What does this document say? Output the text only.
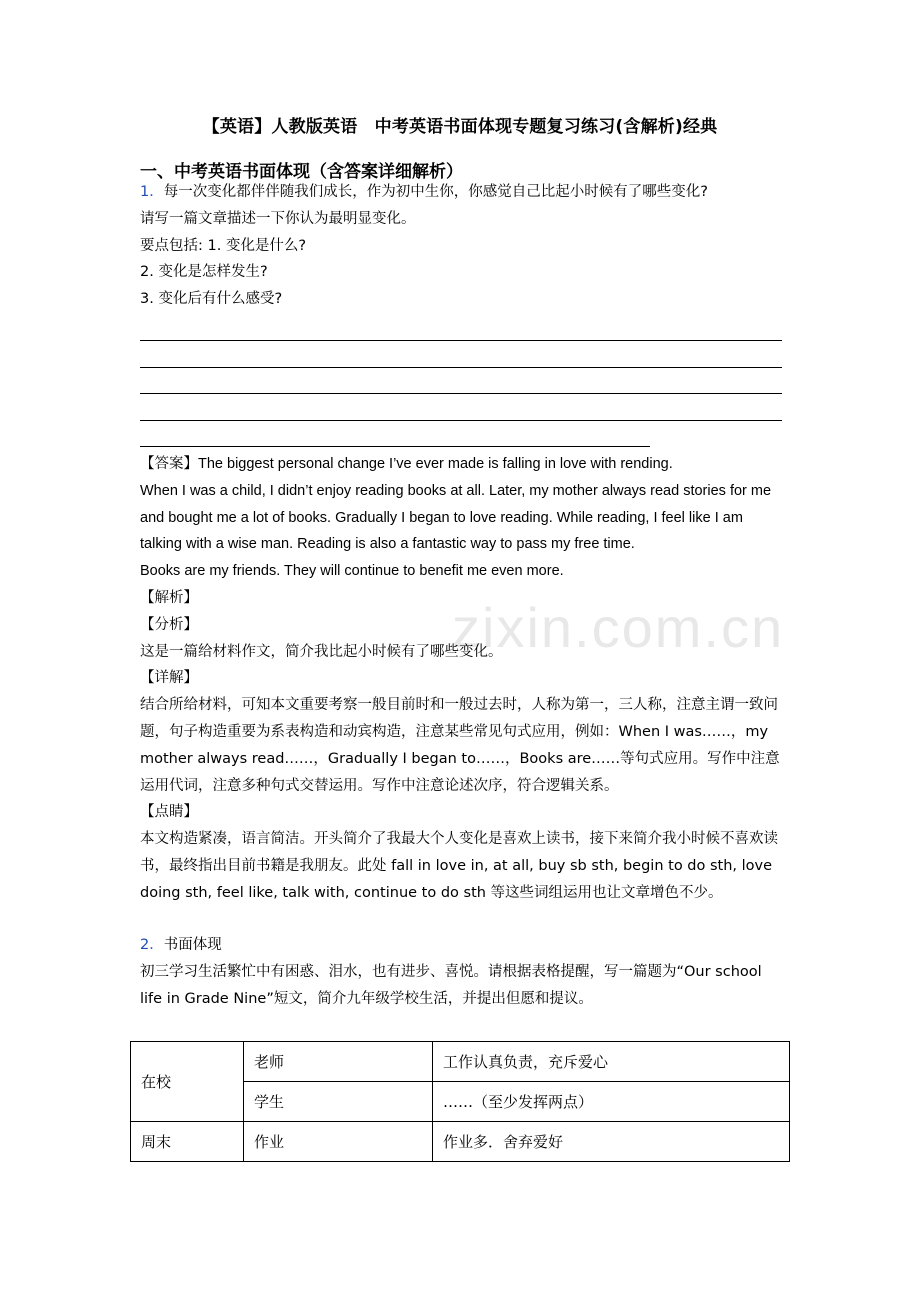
zixin.com.cn
【英语】人教版英语　中考英语书面体现专题复习练习(含解析)经典
一、中考英语书面体现（含答案详细解析）

1．每一次变化都伴伴随我们成长，作为初中生你，你感觉自己比起小时候有了哪些变化?

请写一篇文章描述一下你认为最明显变化。

要点包括: 1. 变化是什么?

2. 变化是怎样发生?

3. 变化后有什么感受?

【答案】The biggest personal change I’ve ever made is falling in love with rending.

When I was a child, I didn’t enjoy reading books at all. Later, my mother always read stories for me and bought me a lot of books. Gradually I began to love reading. While reading, I feel like I am talking with a wise man. Reading is also a fantastic way to pass my free time.

Books are my friends. They will continue to benefit me even more.

【解析】

【分析】

这是一篇给材料作文，简介我比起小时候有了哪些变化。

【详解】

结合所给材料，可知本文重要考察一般目前时和一般过去时，人称为第一，三人称，注意主谓一致问题，句子构造重要为系表构造和动宾构造，注意某些常见句式应用，例如：When I was……，my mother always read……，Gradually I began to……，Books are……等句式应用。写作中注意运用代词，注意多种句式交替运用。写作中注意论述次序，符合逻辑关系。

【点睛】

本文构造紧凑，语言简洁。开头简介了我最大个人变化是喜欢上读书，接下来简介我小时候不喜欢读书，最终指出目前书籍是我朋友。此处 fall in love in, at all, buy sb sth, begin to do sth, love doing sth, feel like, talk with, continue to do sth 等这些词组运用也让文章增色不少。

2．书面体现

初三学习生活繁忙中有困惑、泪水，也有进步、喜悦。请根据表格提醒，写一篇题为“Our school life in Grade Nine”短文，简介九年级学校生活，并提出但愿和提议。

在校	老师	工作认真负责，充斥爱心
	学生	……（至少发挥两点）
周末	作业	作业多．舍弃爱好
